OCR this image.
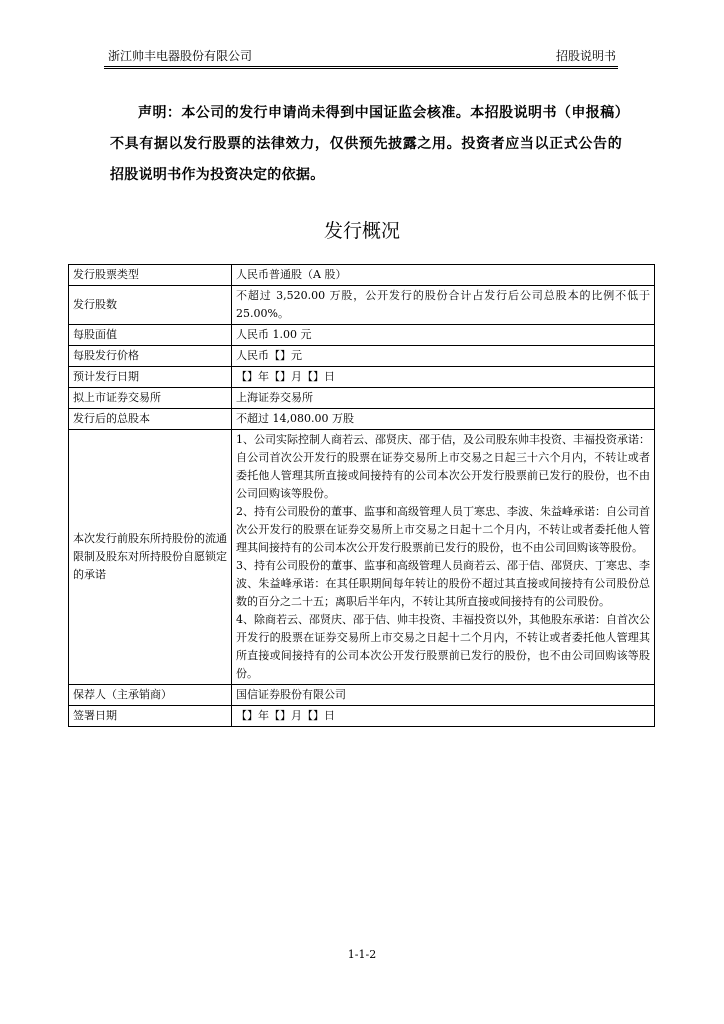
浙江帅丰电器股份有限公司	招股说明书
声明：本公司的发行申请尚未得到中国证监会核准。本招股说明书（申报稿）不具有据以发行股票的法律效力，仅供预先披露之用。投资者应当以正式公告的招股说明书作为投资决定的依据。
发行概况
发行股票类型	人民币普通股（A 股）
发行股数	不超过 3,520.00 万股，公开发行的股份合计占发行后公司总股本的比例不低于 25.00%。
每股面值	人民币 1.00 元
每股发行价格	人民币【】元
预计发行日期	【】年【】月【】日
拟上市证券交易所	上海证券交易所
发行后的总股本	不超过 14,080.00 万股
本次发行前股东所持股份的流通限制及股东对所持股份自愿锁定的承诺	1、公司实际控制人商若云、邵贤庆、邵于佶，及公司股东帅丰投资、丰福投资承诺：自公司首次公开发行的股票在证券交易所上市交易之日起三十六个月内，不转让或者委托他人管理其所直接或间接持有的公司本次公开发行股票前已发行的股份，也不由公司回购该等股份。
2、持有公司股份的董事、监事和高级管理人员丁寒忠、李波、朱益峰承诺：自公司首次公开发行的股票在证券交易所上市交易之日起十二个月内，不转让或者委托他人管理其间接持有的公司本次公开发行股票前已发行的股份，也不由公司回购该等股份。
3、持有公司股份的董事、监事和高级管理人员商若云、邵于佶、邵贤庆、丁寒忠、李波、朱益峰承诺：在其任职期间每年转让的股份不超过其直接或间接持有公司股份总数的百分之二十五；离职后半年内，不转让其所直接或间接持有的公司股份。
4、除商若云、邵贤庆、邵于佶、帅丰投资、丰福投资以外，其他股东承诺：自首次公开发行的股票在证券交易所上市交易之日起十二个月内，不转让或者委托他人管理其所直接或间接持有的公司本次公开发行股票前已发行的股份，也不由公司回购该等股份。

保荐人（主承销商）	国信证券股份有限公司
签署日期	【】年【】月【】日
1-1-2
